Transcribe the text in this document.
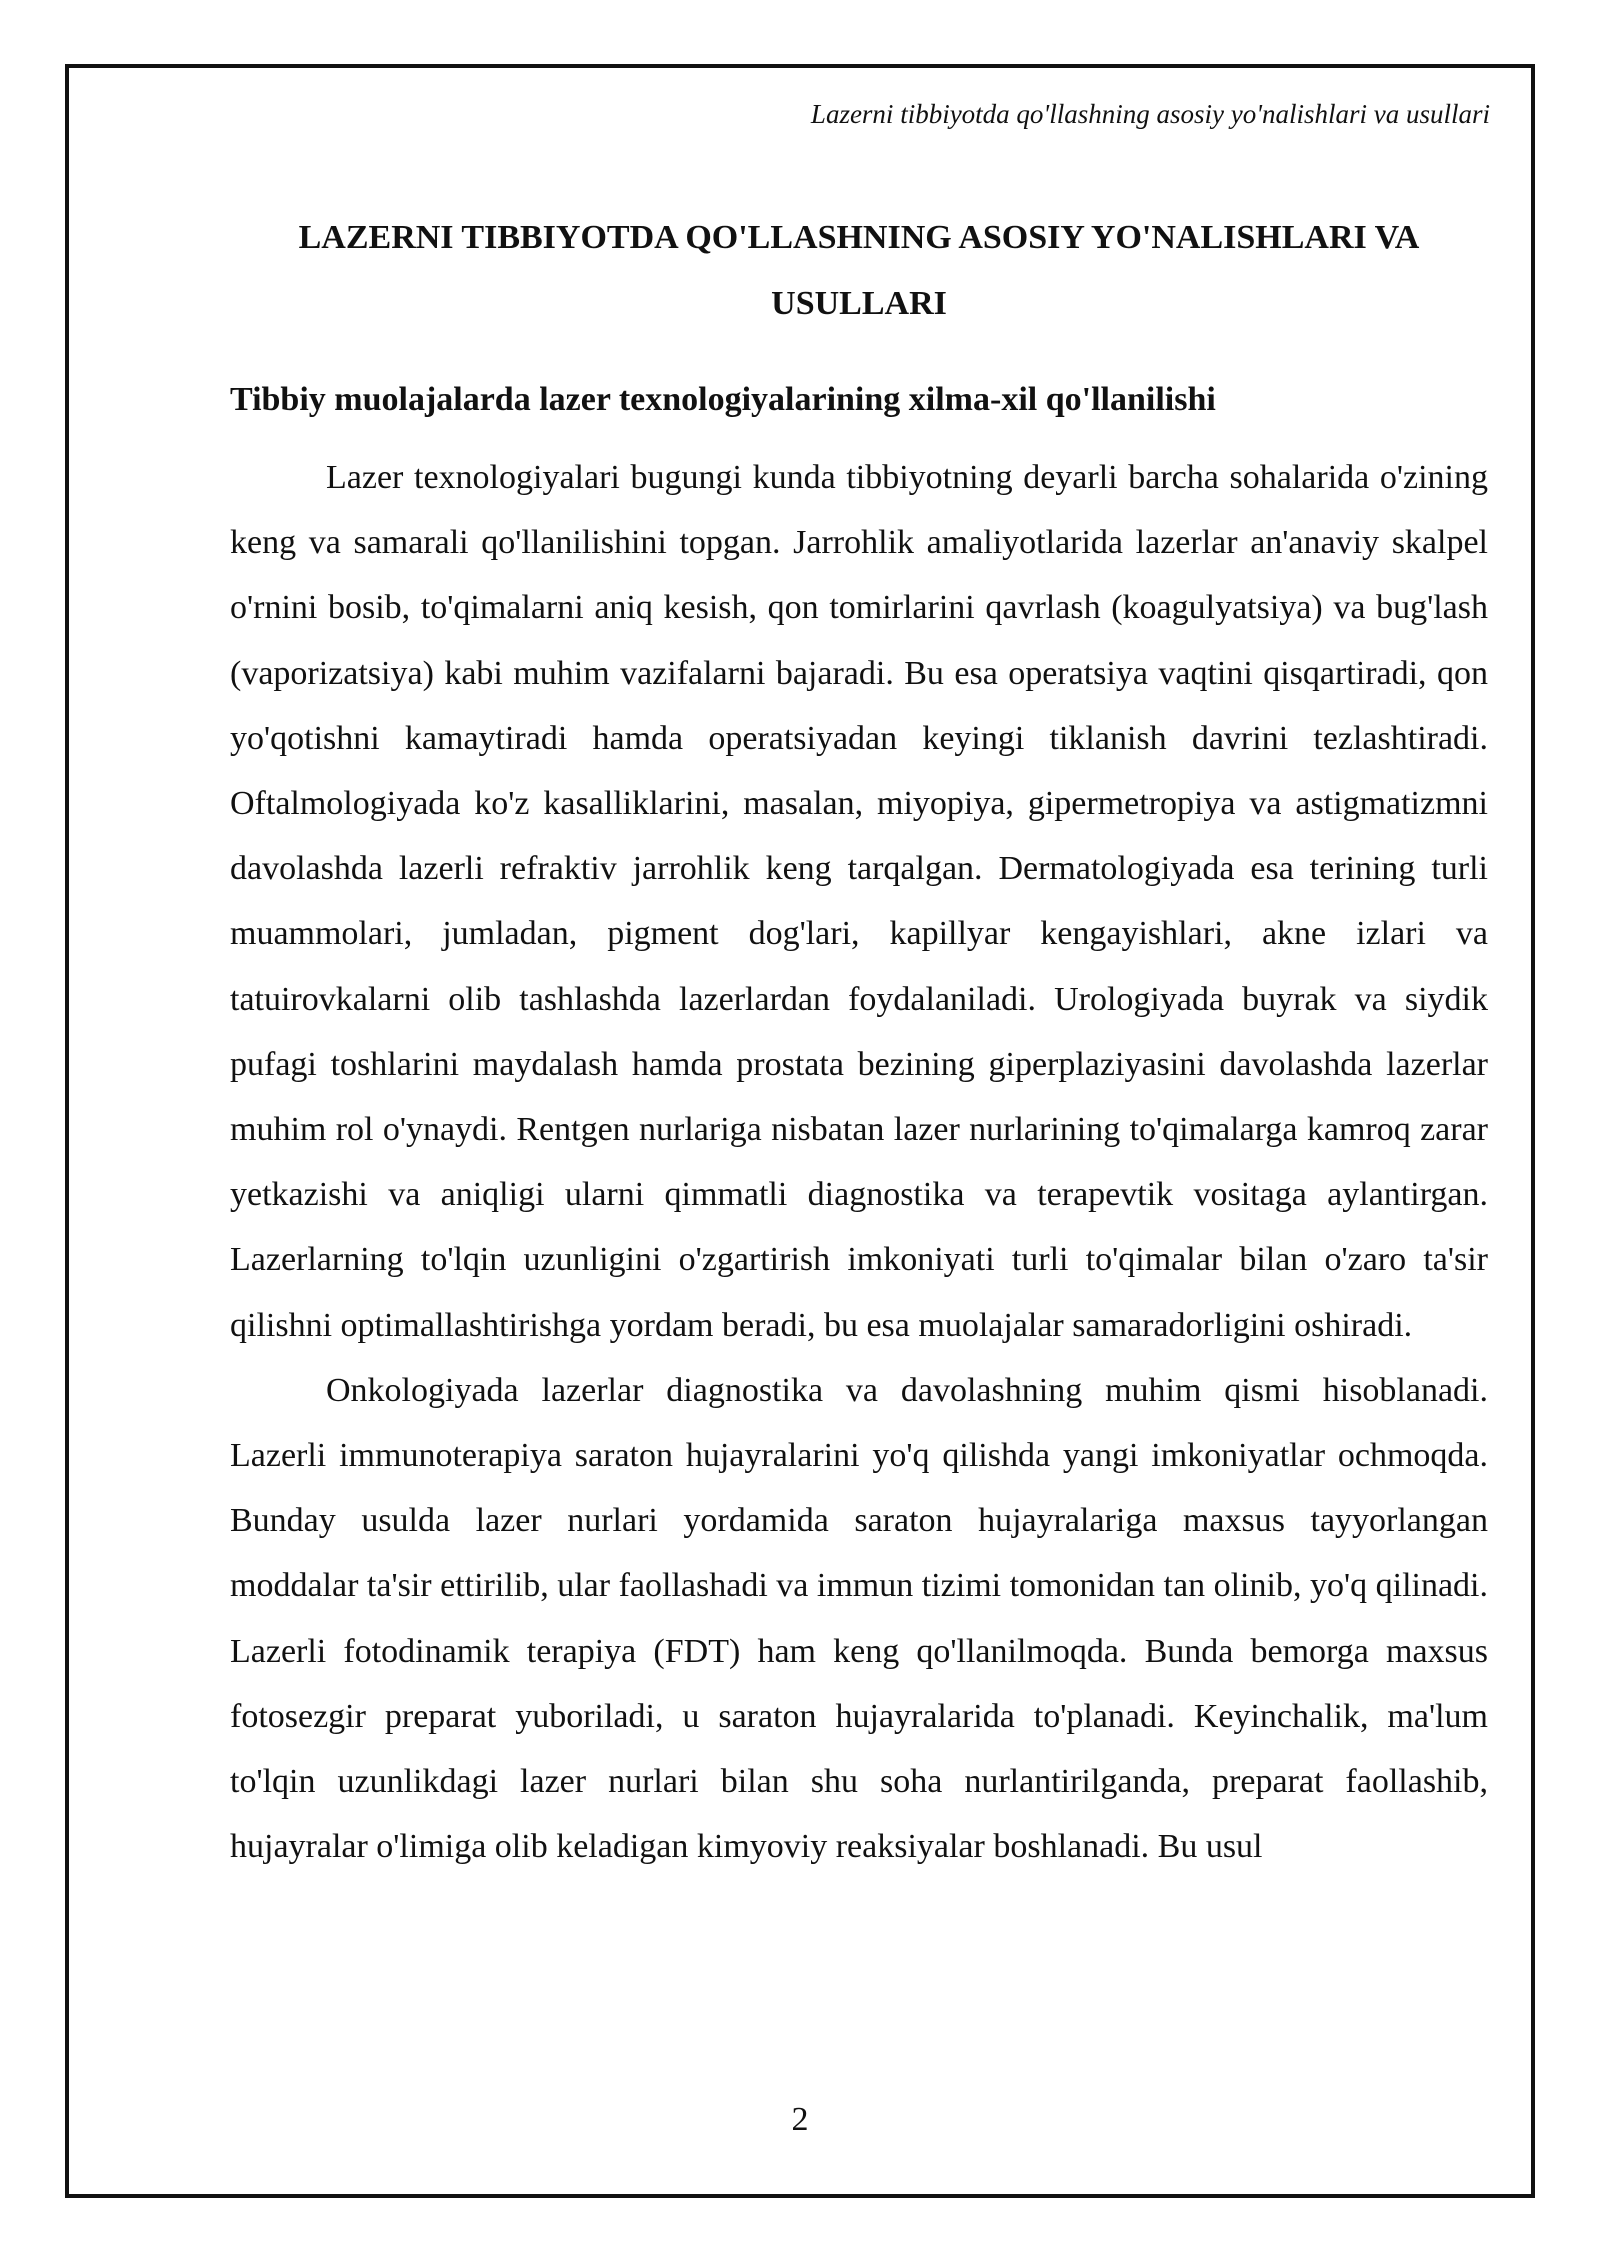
Lazerni tibbiyotda qo'llashning asosiy yo'nalishlari va usullari
LAZERNI TIBBIYOTDA QO'LLASHNING ASOSIY YO'NALISHLARI VA USULLARI
Tibbiy muolajalarda lazer texnologiyalarining xilma-xil qo'llanilishi

Lazer texnologiyalari bugungi kunda tibbiyotning deyarli barcha sohalarida o'zining keng va samarali qo'llanilishini topgan. Jarrohlik amaliyotlarida lazerlar an'anaviy skalpel o'rnini bosib, to'qimalarni aniq kesish, qon tomirlarini qavrlash (koagulyatsiya) va bug'lash (vaporizatsiya) kabi muhim vazifalarni bajaradi. Bu esa operatsiya vaqtini qisqartiradi, qon yo'qotishni kamaytiradi hamda operatsiyadan keyingi tiklanish davrini tezlashtiradi. Oftalmologiyada ko'z kasalliklarini, masalan, miyopiya, gipermetropiya va astigmatizmni davolashda lazerli refraktiv jarrohlik keng tarqalgan. Dermatologiyada esa terining turli muammolari, jumladan, pigment dog'lari, kapillyar kengayishlari, akne izlari va tatuirovkalarni olib tashlashda lazerlardan foydalaniladi. Urologiyada buyrak va siydik pufagi toshlarini maydalash hamda prostata bezining giperplaziyasini davolashda lazerlar muhim rol o'ynaydi. Rentgen nurlariga nisbatan lazer nurlarining to'qimalarga kamroq zarar yetkazishi va aniqligi ularni qimmatli diagnostika va terapevtik vositaga aylantirgan. Lazerlarning to'lqin uzunligini o'zgartirish imkoniyati turli to'qimalar bilan o'zaro ta'sir qilishni optimallashtirishga yordam beradi, bu esa muolajalar samaradorligini oshiradi.

Onkologiyada lazerlar diagnostika va davolashning muhim qismi hisoblanadi. Lazerli immunoterapiya saraton hujayralarini yo'q qilishda yangi imkoniyatlar ochmoqda. Bunday usulda lazer nurlari yordamida saraton hujayralariga maxsus tayyorlangan moddalar ta'sir ettirilib, ular faollashadi va immun tizimi tomonidan tan olinib, yo'q qilinadi. Lazerli fotodinamik terapiya (FDT) ham keng qo'llanilmoqda. Bunda bemorga maxsus fotosezgir preparat yuboriladi, u saraton hujayralarida to'planadi. Keyinchalik, ma'lum to'lqin uzunlikdagi lazer nurlari bilan shu soha nurlantirilganda, preparat faollashib, hujayralar o'limiga olib keladigan kimyoviy reaksiyalar boshlanadi. Bu usul

2
